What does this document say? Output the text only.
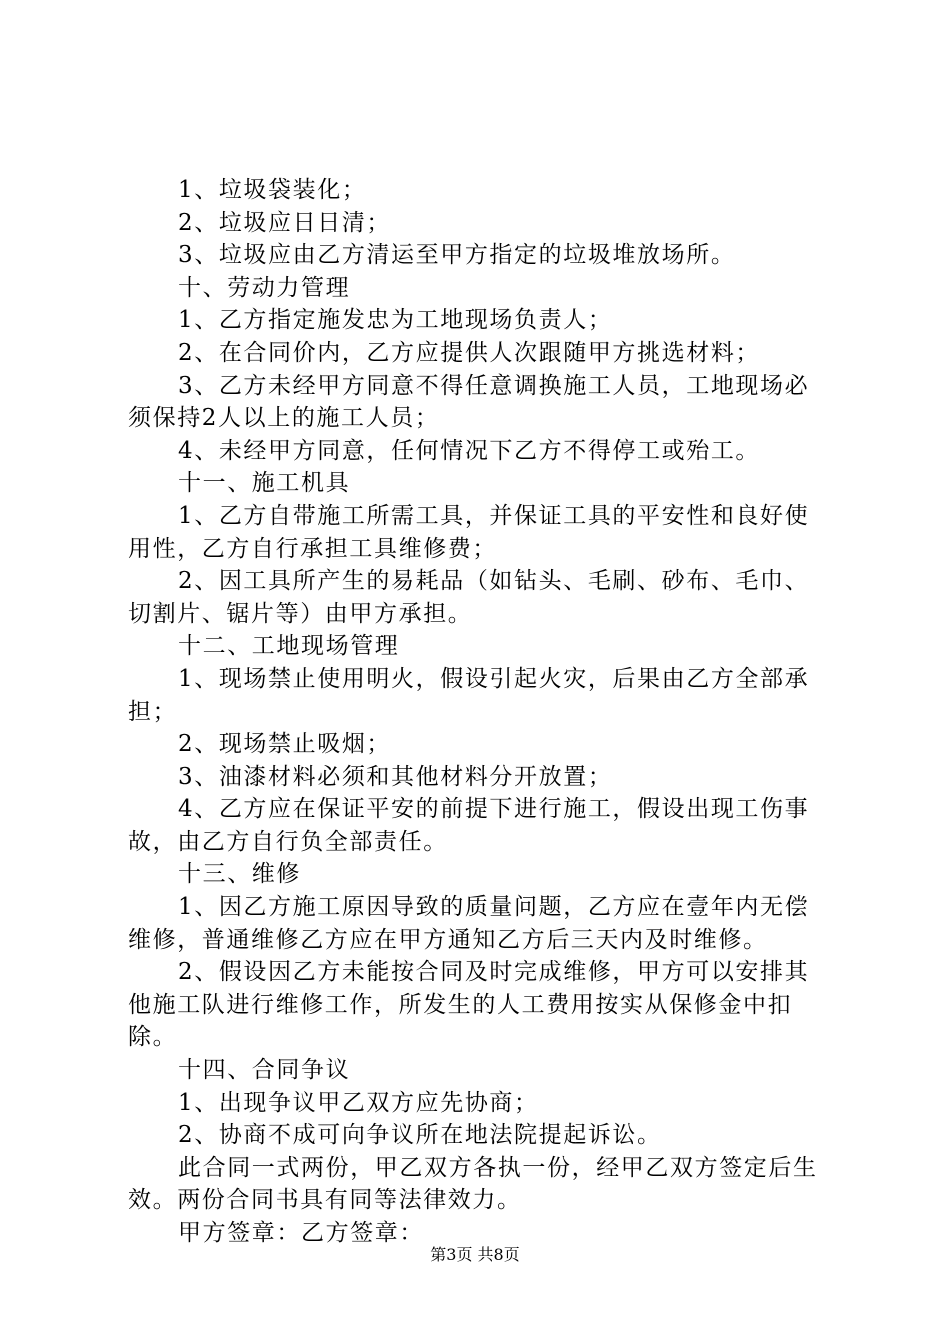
1、垃圾袋装化；
2、垃圾应日日清；
3、垃圾应由乙方清运至甲方指定的垃圾堆放场所。
十、劳动力管理
1、乙方指定施发忠为工地现场负责人；
2、在合同价内，乙方应提供人次跟随甲方挑选材料；
3、乙方未经甲方同意不得任意调换施工人员，工地现场必
须保持2人以上的施工人员；
4、未经甲方同意，任何情况下乙方不得停工或殆工。
十一、施工机具
1、乙方自带施工所需工具，并保证工具的平安性和良好使
用性，乙方自行承担工具维修费；
2、因工具所产生的易耗品（如钻头、毛刷、砂布、毛巾、
切割片、锯片等）由甲方承担。
十二、工地现场管理
1、现场禁止使用明火，假设引起火灾，后果由乙方全部承
担；
2、现场禁止吸烟；
3、油漆材料必须和其他材料分开放置；
4、乙方应在保证平安的前提下进行施工，假设出现工伤事
故，由乙方自行负全部责任。
十三、维修
1、因乙方施工原因导致的质量问题，乙方应在壹年内无偿
维修，普通维修乙方应在甲方通知乙方后三天内及时维修。
2、假设因乙方未能按合同及时完成维修，甲方可以安排其
他施工队进行维修工作，所发生的人工费用按实从保修金中扣
除。
十四、合同争议
1、出现争议甲乙双方应先协商；
2、协商不成可向争议所在地法院提起诉讼。
此合同一式两份，甲乙双方各执一份，经甲乙双方签定后生
效。两份合同书具有同等法律效力。
甲方签章：乙方签章：
第3页 共8页
